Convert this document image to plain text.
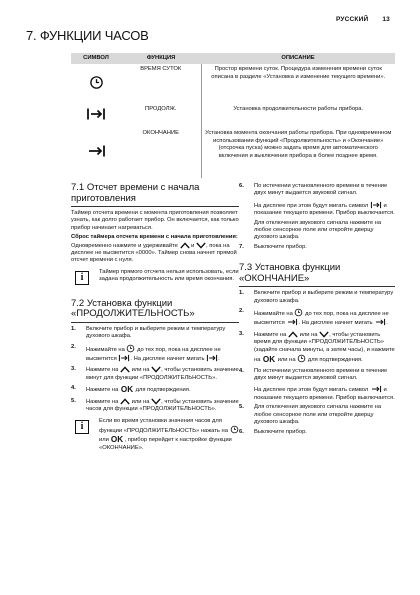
РУССКИЙ 13
7. ФУНКЦИИ ЧАСОВ
СИМВОЛ	ФУНКЦИЯ	ОПИСАНИЕ
	ВРЕМЯ СУТОК	Простор времени суток. Процедура изменения времени суток описана в разделе «Установка и изменение текущего времени».
	ПРОДОЛЖ.	Установка продолжительности работы прибора.
	ОКОНЧАНИЕ	Установка момента окончания работы прибора. При одновременном использовании функций «Продолжительность» и «Окончание» (отсрочка пуска) можно задать время для автоматического включения и выключения прибора в более позднее время.
7.1 Отсчет времени с начала приготовления

Таймер отсчета времени с момента приготовления позволяет узнать, как долго работает прибор. Он включается, как только прибор начинает нагреваться.

Сброс таймера отсчета времени с начала приготовления: Одновременно нажмите и удерживайте и , пока на дисплее не высветится «0000». Таймер снова начнет прямой отсчет времени с нуля.

i	Таймер прямого отсчета нельзя использовать, если задана продолжительность или время окончания.
7.2 Установка функции «ПРОДОЛЖИТЕЛЬНОСТЬ»
1. Включите прибор и выберите режим и температуру духового шкафа.
2. Нажимайте на до тех пор, пока на дисплее не высветится . На дисплее начнет мигать .
3. Нажмите на или на , чтобы установить значение минут для функции «ПРОДОЛЖИТЕЛЬНОСТЬ».
4. Нажмите на	для подтверждения.
5. Нажмите на или на , чтобы установить значение часов для функции «ПРОДОЛЖИТЕЛЬНОСТЬ».
i	Если во время установки значения часов для функции «ПРОДОЛЖИТЕЛЬНОСТЬ» нажать на  или	, прибор перейдет к настройке функции «ОКОНЧАНИЕ».
6. По истечении установленного времени в течение двух минут выдается звуковой сигнал.

На дисплее при этом будут мигать символ	и показание текущего времени. Прибор выключается.

Для отключения звукового сигнала нажмите на любое сенсорное поле или откройте дверцу духового шкафа.

7. Выключите прибор.
7.3 Установка функции «ОКОНЧАНИЕ»
1. Включите прибор и выберите режим и температуру духового шкафа.
2. Нажимайте на до тех пор, пока на дисплее не высветится . На дисплее начнет мигать .
3. Нажмите на или на , чтобы установить время для функции «ПРОДОЛЖИТЕЛЬНОСТЬ» (задайте сначала минуты, а затем часы), и нажмите на	или на для подтверждения.
4. По истечении установленного времени в течение двух минут выдается звуковой сигнал.

На дисплее при этом будут мигать символ	и показание текущего времени. Прибор выключается.

5. Для отключения звукового сигнала нажмите на любое сенсорное поле или откройте дверцу духового шкафа.
6. Выключите прибор.
